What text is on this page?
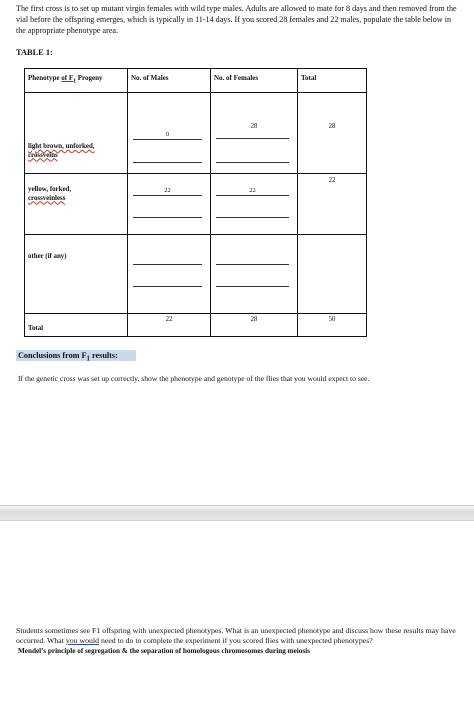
The first cross is to set up mutant virgin females with wild type males. Adults are allowed to mate for 8 days and then removed from the vial before the offspring emerges, which is typically in 11-14 days. If you scored 28 females and 22 males, populate the table below in the appropriate phenotype area.
TABLE 1:
Phenotype of $F_1$ Progeny	No. of Males	No. of Females	Total

light brown, unforked,
crossveins	0	28	28

yellow, forked,
crossveinless	22	22	22

other (if any)			

Total	22	28	50
Conclusions from $F_1$ results:
If the genetic cross was set up correctly, show the phenotype and genotype of the flies that you would expect to see.
Students sometimes see F1 offspring with unexpected phenotypes. What is an unexpected phenotype and discuss how these results may have occurred. What you would need to do to complete the experiment if you scored flies with unexpected phenotypes?
Mendel’s principle of segregation & the separation of homologous chromosomes during meiosis
